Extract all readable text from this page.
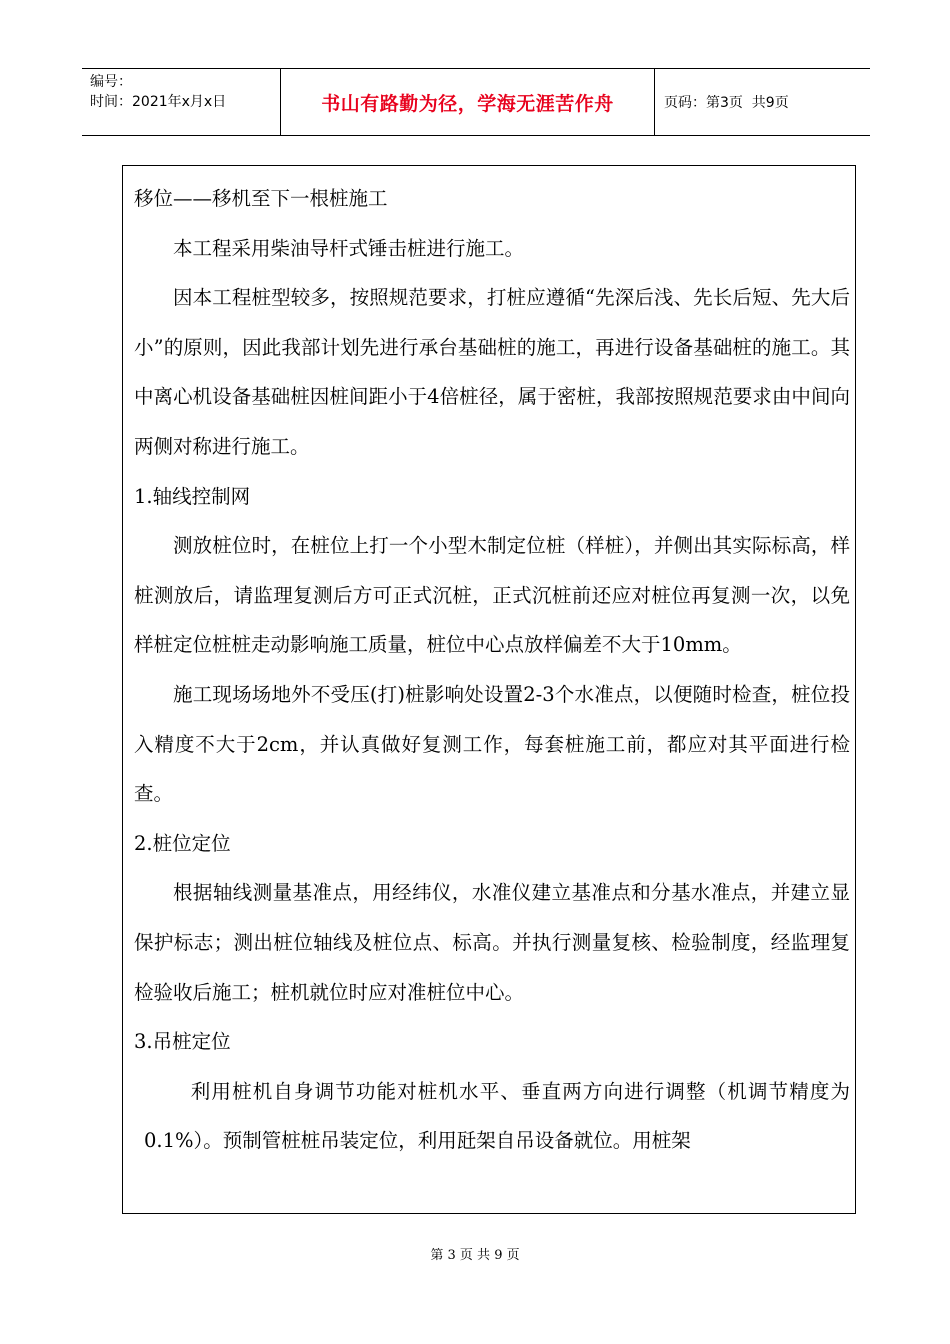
编号：
时间：2021年x月x日	书山有路勤为径，学海无涯苦作舟	页码：第3页  共9页

移位——移机至下一根桩施工

本工程采用柴油导杆式锤击桩进行施工。

因本工程桩型较多，按照规范要求，打桩应遵循“先深后浅、先长后短、先大后小”的原则，因此我部计划先进行承台基础桩的施工，再进行设备基础桩的施工。其中离心机设备基础桩因桩间距小于4倍桩径，属于密桩，我部按照规范要求由中间向两侧对称进行施工。

1.轴线控制网

测放桩位时，在桩位上打一个小型木制定位桩（样桩），并侧出其实际标高，样桩测放后，请监理复测后方可正式沉桩，正式沉桩前还应对桩位再复测一次，以免样桩定位桩桩走动影响施工质量，桩位中心点放样偏差不大于10mm。

施工现场场地外不受压(打)桩影响处设置2-3个水准点，以便随时检查，桩位投入精度不大于2cm，并认真做好复测工作，每套桩施工前，都应对其平面进行检查。

2.桩位定位

根据轴线测量基准点，用经纬仪，水准仪建立基准点和分基水准点，并建立显保护标志；测出桩位轴线及桩位点、标高。并执行测量复核、检验制度，经监理复检验收后施工；桩机就位时应对准桩位中心。

3.吊桩定位

利用桩机自身调节功能对桩机水平、垂直两方向进行调整（机调节精度为0.1%）。预制管桩桩吊装定位，利用瓩架自吊设备就位。用桩架

第 3 页 共 9 页
